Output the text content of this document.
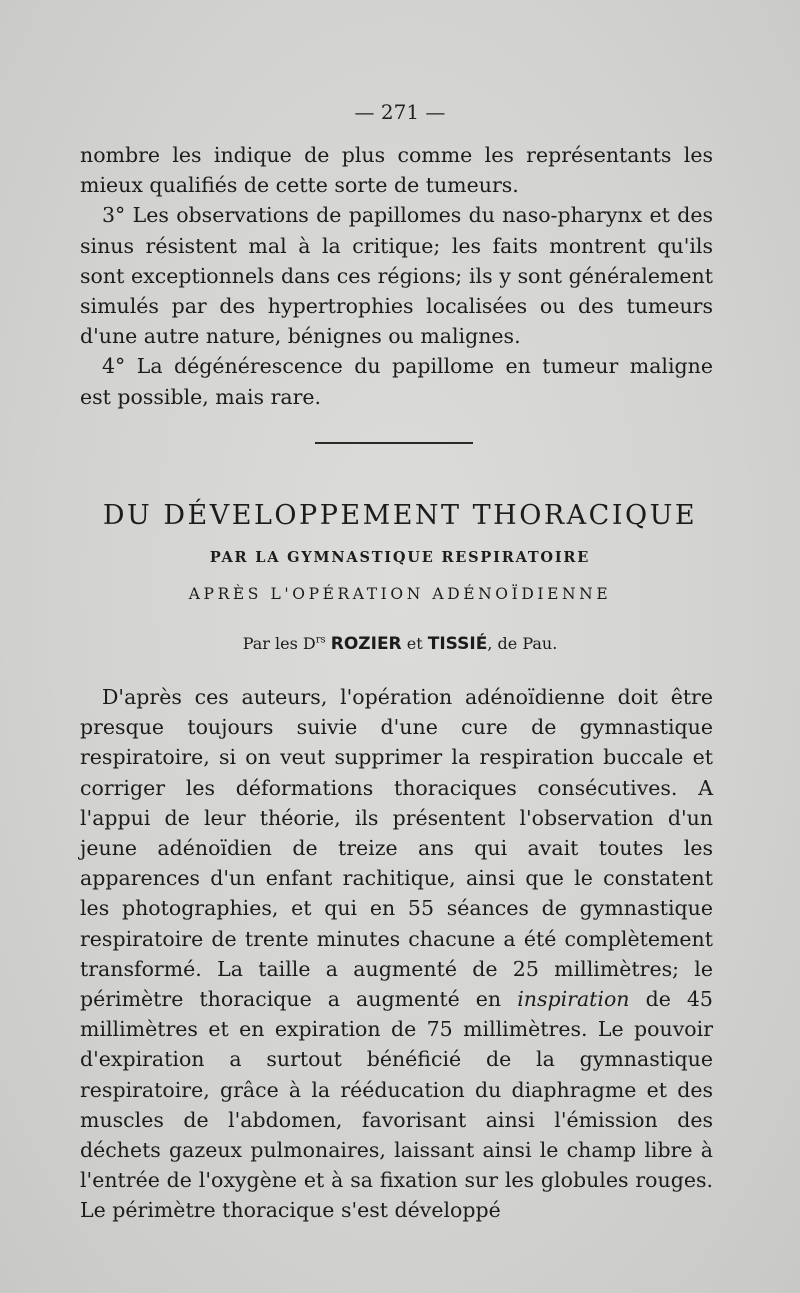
— 271 —

nombre les indique de plus comme les représentants les mieux qualifiés de cette sorte de tumeurs.

3° Les observations de papillomes du naso-pharynx et des sinus résistent mal à la critique; les faits montrent qu'ils sont exceptionnels dans ces régions; ils y sont généralement simulés par des hypertrophies localisées ou des tumeurs d'une autre nature, bénignes ou malignes.

4° La dégénérescence du papillome en tumeur maligne est possible, mais rare.

DU DÉVELOPPEMENT THORACIQUE
PAR LA GYMNASTIQUE RESPIRATOIRE
APRÈS L'OPÉRATION ADÉNOÏDIENNE
Par les $D^{rs}$ ROZIER et TISSIÉ, de Pau.

D'après ces auteurs, l'opération adénoïdienne doit être presque toujours suivie d'une cure de gymnastique respiratoire, si on veut supprimer la respiration buccale et corriger les déformations thoraciques consécutives. A l'appui de leur théorie, ils présentent l'observation d'un jeune adénoïdien de treize ans qui avait toutes les apparences d'un enfant rachitique, ainsi que le constatent les photographies, et qui en 55 séances de gymnastique respiratoire de trente minutes chacune a été complètement transformé. La taille a augmenté de 25 millimètres; le périmètre thoracique a augmenté en inspiration de 45 millimètres et en expiration de 75 millimètres. Le pouvoir d'expiration a surtout bénéficié de la gymnastique respiratoire, grâce à la rééducation du diaphragme et des muscles de l'abdomen, favorisant ainsi l'émission des déchets gazeux pulmonaires, laissant ainsi le champ libre à l'entrée de l'oxygène et à sa fixation sur les globules rouges. Le périmètre thoracique s'est développé
